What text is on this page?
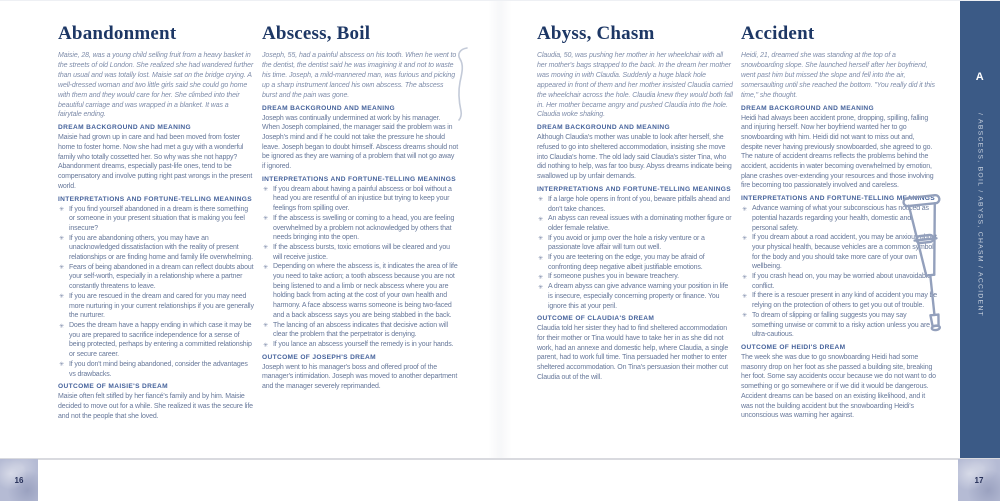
Abandonment

Maisie, 28, was a young child selling fruit from a heavy basket in the streets of old London. She realized she had wandered further than usual and was totally lost. Maisie sat on the bridge crying. A well-dressed woman and two little girls said she could go home with them and they would care for her. She climbed into their beautiful carriage and was wrapped in a blanket. It was a fairytale ending.

DREAM BACKGROUND AND MEANING

Maisie had grown up in care and had been moved from foster home to foster home. Now she had met a guy with a wonderful family who totally cossetted her. So why was she not happy? Abandonment dreams, especially past-life ones, tend to be compensatory and involve putting right past wrongs in the present world.

INTERPRETATIONS AND FORTUNE-TELLING MEANINGS
✳ If you find yourself abandoned in a dream is there something or someone in your present situation that is making you feel insecure?
✳ If you are abandoning others, you may have an unacknowledged dissatisfaction with the reality of present relationships or are finding home and family life overwhelming.
✳ Fears of being abandoned in a dream can reflect doubts about your self-worth, especially in a relationship where a partner constantly threatens to leave.
✳ If you are rescued in the dream and cared for you may need more nurturing in your current relationships if you are generally the nurturer.
✳ Does the dream have a happy ending in which case it may be you are prepared to sacrifice independence for a sense of being protected, perhaps by entering a committed relationship or secure career.
✳ If you don't mind being abandoned, consider the advantages vs drawbacks.
OUTCOME OF MAISIE'S DREAM

Maisie often felt stifled by her fiancé's family and by him. Maisie decided to move out for a while. She realized it was the secure life and not the people that she loved.

Abscess, Boil

Joseph, 55, had a painful abscess on his tooth. When he went to the dentist, the dentist said he was imagining it and not to waste his time. Joseph, a mild-mannered man, was furious and picking up a sharp instrument lanced his own abscess. The abscess burst and the pain was gone.

DREAM BACKGROUND AND MEANING

Joseph was continually undermined at work by his manager. When Joseph complained, the manager said the problem was in Joseph's mind and if he could not take the pressure he should leave. Joseph began to doubt himself. Abscess dreams should not be ignored as they are warning of a problem that will not go away if ignored.

INTERPRETATIONS AND FORTUNE-TELLING MEANINGS
✳ If you dream about having a painful abscess or boil without a head you are resentful of an injustice but trying to keep your feelings from spilling over.
✳ If the abscess is swelling or coming to a head, you are feeling overwhelmed by a problem not acknowledged by others that needs bringing into the open.
✳ If the abscess bursts, toxic emotions will be cleared and you will receive justice.
✳ Depending on where the abscess is, it indicates the area of life you need to take action; a tooth abscess because you are not being listened to and a limb or neck abscess where you are holding back from acting at the cost of your own health and harmony. A face abscess warns someone is being two-faced and a back abscess says you are being stabbed in the back.
✳ The lancing of an abscess indicates that decisive action will clear the problem that the perpetrator is denying.
✳ If you lance an abscess yourself the remedy is in your hands.
OUTCOME OF JOSEPH'S DREAM

Joseph went to his manager's boss and offered proof of the manager's intimidation. Joseph was moved to another department and the manager severely reprimanded.

Abyss, Chasm

Claudia, 50, was pushing her mother in her wheelchair with all her mother's bags strapped to the back. In the dream her mother was moving in with Claudia. Suddenly a huge black hole appeared in front of them and her mother insisted Claudia carried the wheelchair across the hole. Claudia knew they would both fall in. Her mother became angry and pushed Claudia into the hole. Claudia woke shaking.

DREAM BACKGROUND AND MEANING

Although Claudia's mother was unable to look after herself, she refused to go into sheltered accommodation, insisting she move into Claudia's home. The old lady said Claudia's sister Tina, who did nothing to help, was far too busy. Abyss dreams indicate being swallowed up by unfair demands.

INTERPRETATIONS AND FORTUNE-TELLING MEANINGS
✳ If a large hole opens in front of you, beware pitfalls ahead and don't take chances.
✳ An abyss can reveal issues with a dominating mother figure or older female relative.
✳ If you avoid or jump over the hole a risky venture or a passionate love affair will turn out well.
✳ If you are teetering on the edge, you may be afraid of confronting deep negative albeit justifiable emotions.
✳ If someone pushes you in beware treachery.
✳ A dream abyss can give advance warning your position in life is insecure, especially concerning property or finance. You ignore this at your peril.
OUTCOME OF CLAUDIA'S DREAM

Claudia told her sister they had to find sheltered accommodation for their mother or Tina would have to take her in as she did not work, had an annexe and domestic help, where Claudia, a single parent, had to work full time. Tina persuaded her mother to enter sheltered accommodation. On Tina's persuasion their mother cut Claudia out of the will.

Accident

Heidi, 21, dreamed she was standing at the top of a snowboarding slope. She launched herself after her boyfriend, went past him but missed the slope and fell into the air, somersaulting until she reached the bottom. "You really did it this time," she thought.

DREAM BACKGROUND AND MEANING

Heidi had always been accident prone, dropping, spilling, falling and injuring herself. Now her boyfriend wanted her to go snowboarding with him. Heidi did not want to miss out and, despite never having previously snowboarded, she agreed to go. The nature of accident dreams reflects the problems behind the accident, accidents in water becoming overwhelmed by emotion, plane crashes over-extending your resources and those involving fire becoming too passionately involved and careless.

INTERPRETATIONS AND FORTUNE-TELLING MEANINGS
✳ Advance warning of what your subconscious has noticed as potential hazards regarding your health, domestic and personal safety.
✳ If you dream about a road accident, you may be anxious about your physical health, because vehicles are a common symbol for the body and you should take more care of your own wellbeing.
✳ If you crash head on, you may be worried about unavoidable conflict.
✳ If there is a rescuer present in any kind of accident you may be relying on the protection of others to get you out of trouble.
✳ To dream of slipping or falling suggests you may say something unwise or commit to a risky action unless you are ultra-cautious.
OUTCOME OF HEIDI'S DREAM

The week she was due to go snowboarding Heidi had some masonry drop on her foot as she passed a building site, breaking her foot. Some say accidents occur because we do not want to do something or go somewhere or if we did it would be dangerous. Accident dreams can be based on an existing likelihood, and it was not the building accident but the snowboarding Heidi's unconscious was warning her against.

A
/ ABSCESS, BOIL / ABYSS, CHASM / ACCIDENT
16	17
